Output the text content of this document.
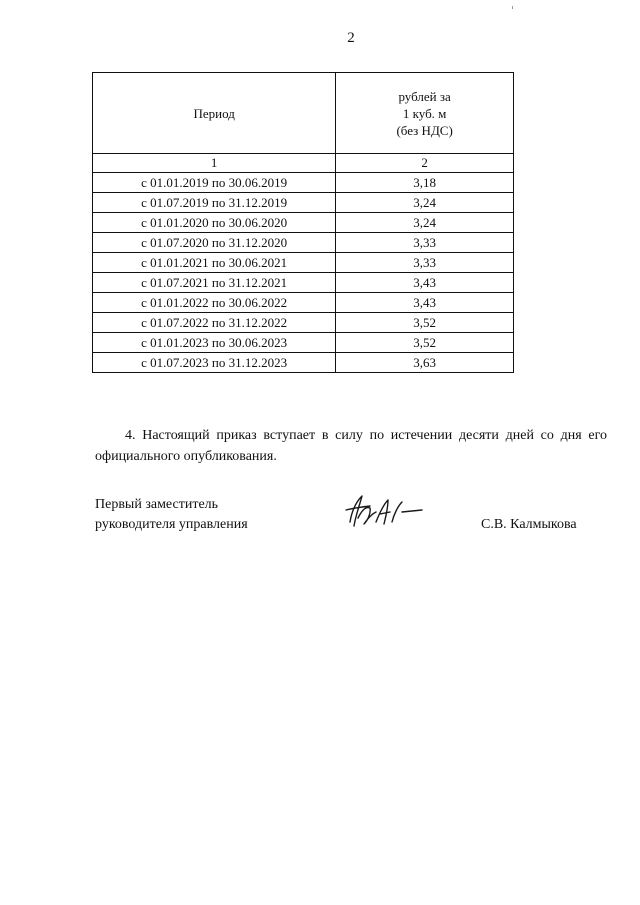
2
Период	рублей за
1 куб. м
(без НДС)

1	2
с 01.01.2019 по 30.06.2019	3,18
с 01.07.2019 по 31.12.2019	3,24
с 01.01.2020 по 30.06.2020	3,24
с 01.07.2020 по 31.12.2020	3,33
с 01.01.2021 по 30.06.2021	3,33
с 01.07.2021 по 31.12.2021	3,43
с 01.01.2022 по 30.06.2022	3,43
с 01.07.2022 по 31.12.2022	3,52
с 01.01.2023 по 30.06.2023	3,52
с 01.07.2023 по 31.12.2023	3,63

4. Настоящий приказ вступает в силу по истечении десяти дней со дня его официального опубликования.

Первый заместитель
руководителя управления	С.В. Калмыкова
